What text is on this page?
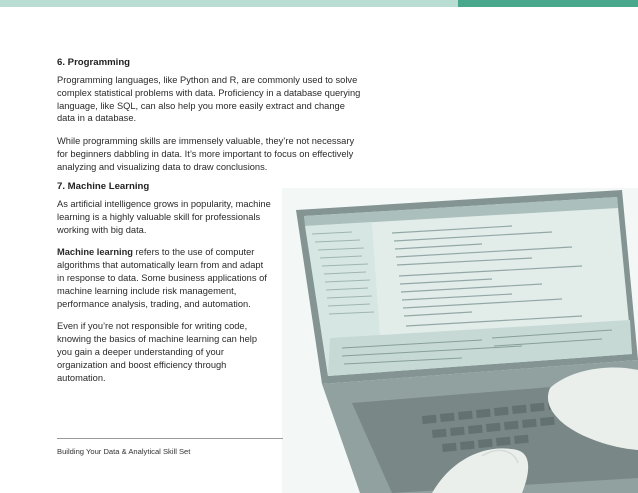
6. Programming

Programming languages, like Python and R, are commonly used to solve complex statistical problems with data. Proficiency in a database querying language, like SQL, can also help you more easily extract and change data in a database.

While programming skills are immensely valuable, they’re not necessary for beginners dabbling in data. It’s more important to focus on effectively analyzing and visualizing data to draw conclusions.

7. Machine Learning

As artificial intelligence grows in popularity, machine learning is a highly valuable skill for professionals working with big data.

Machine learning refers to the use of computer algorithms that automatically learn from and adapt in response to data. Some business applications of machine learning include risk management, performance analysis, trading, and automation.

Even if you’re not responsible for writing code, knowing the basics of machine learning can help you gain a deeper understanding of your organization and boost efficiency through automation.

Building Your Data & Analytical Skill Set
